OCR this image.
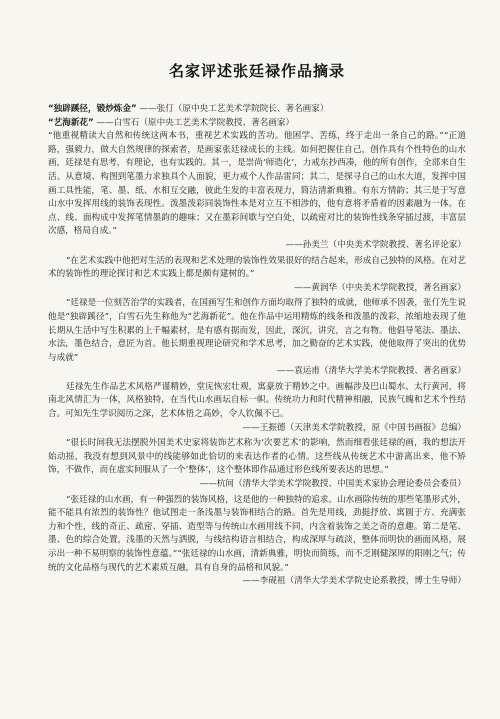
名家评述张廷禄作品摘录

“独辟蹊径，锻炒炼金” ——张仃（原中央工艺美术学院院长、著名画家）

“艺海新花” ——白雪石（原中央工艺美术学院教授、著名画家）

“他重视精读大自然和传统这两本书，重视艺术实践的苦功。他困学、苦练，终于走出一条自己的路。”“正道路，强毅力，做大自然规律的探索者，是画家张廷禄成长的主线。如何把握住自己，创作具有个性特色的山水画，廷禄是有思考，有理论，也有实践的。其一，是崇尚‘师造化’，力戒东抄西凑，他的所有创作，全部来自生活。从意境、构图到笔墨力求独具个人面貌，更力戒个人作品雷同；其二，是探寻自己的山水大道，发挥中国画工具性能，笔、墨、纸、水相互交融，彼此生发的丰富表现力，简洁清新典雅。有东方情韵；其三是于写意山水中发挥用线的装饰表现性。泼墨泼彩同装饰性本是对立互不相涉的，他有意将矛盾着的因素融为一体。在点、线、面构成中发挥笔情墨韵的趣味；又在墨彩间歇与空白处，以疏密对比的装饰性线条穿插过渡，丰富层次感，格局自成。”

——孙美兰（中央美术学院教授、著名评论家）

“在艺术实践中他把对生活的表现和艺术处理的装饰性效果很好的结合起来，形成自己独特的风格。在对艺术的装饰性的理论探讨和艺术实践上都是颇有建树的。”

——黄润华（中央美术学院教授，著名画家）

“廷禄是一位刻苦治学的实践者，在国画写生和创作方面均取得了独特的成就，他师承不因袭，张仃先生说他是“独辟蹊径”，白雪石先生称他为“艺海新花”。他在作品中运用精炼的线条和泼墨的泼彩，浓缩地表现了他长期从生活中写生积累的上千幅素材，是有感有据而发，因此，深沉，讲究，言之有物。他倡导笔法、墨法、水法，墨色结合，意匠为首。他长期重视理论研究和学术思考，加之勤奋的艺术实践，使他取得了突出的优势与成就”

——袁运甫（清华大学美术学院教授、著名画家）

廷禄先生作品艺术风格严谨精妙，堂庑恢宏壮观，寓豪放于精妙之中。画幅涉及巴山蜀水、太行黄河，将南北风情汇为一体，风格独特，在当代山水画坛自标一帜。传统功力和时代精神相融，民族气魄和艺术个性结合。可知先生学识阅历之深，艺术体悟之高妙，令人钦佩不已。

——王振德（天津美术学院教授，原《中国书画报》总编）

“很长时间我无法摆脱外国美术史家将装饰艺术称为‘次要艺术’的影响，然而细看张廷禄的画，我的想法开始动摇，我没有想到风景中的线能够如此恰切的来表达作者的心情。这些线从传统艺术中游离出来，他不矫饰，不做作，而在虚实间服从了一个‘整体’，这个整体即作品通过形色线所要表达的思想。”

——杭间（清华大学美术学院教授、中国美术家协会理论委员会委员）

“张廷禄的山水画，有一种强烈的装饰风格，这是他的一种独特的追求。山水画除传统的那些笔墨形式外，能不能具有浓烈的装饰性？他试图走一条浅墨与装饰相结合的路。首先是用线，劲挺抒放、寓圆于方、充满张力和个性，线的奇正、疏密、穿插、造型等与传统山水画用线不同，内含着装饰之美之奇的意趣。第二是笔、墨、色的综合处置，浅墨的天然与洒脱，与线结构语言相结合，构成深厚与疏淡，整体而明快的画面风格，展示出一种不易明察的装饰性意蕴。”“张廷禄的山水画，清新典雅，明快而简练，而不乏刚健深厚的阳刚之气；传统的文化品格与现代的艺术素质互融，具有自身的品格和风貌。”

——李砚祖（清华大学美术学院史论系教授，博士生导师）
